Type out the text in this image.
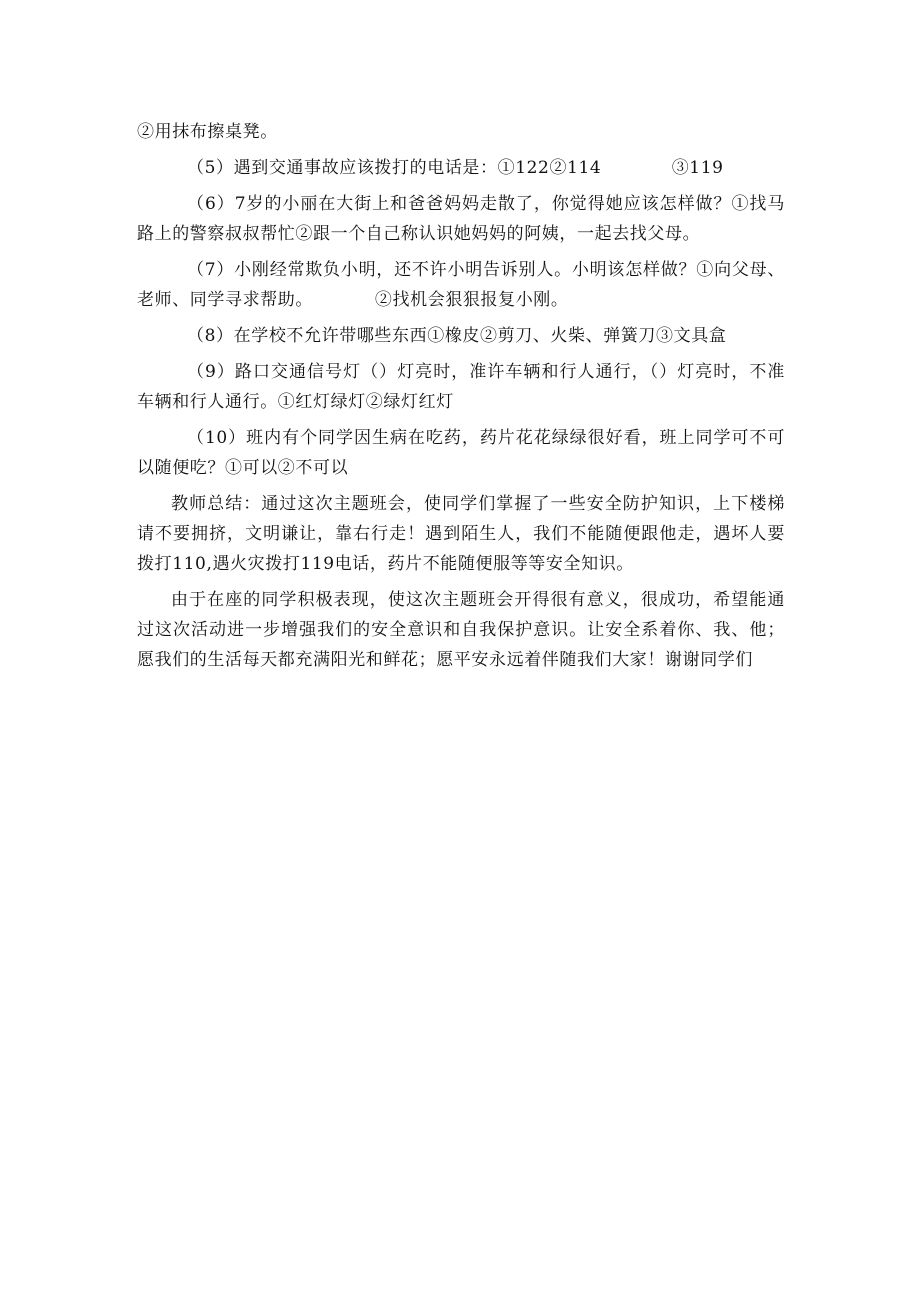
②用抹布擦桌凳。

（5）遇到交通事故应该拨打的电话是：①122②114　　　　③119

（6）7岁的小丽在大街上和爸爸妈妈走散了，你觉得她应该怎样做？①找马路上的警察叔叔帮忙②跟一个自己称认识她妈妈的阿姨，一起去找父母。

（7）小刚经常欺负小明，还不许小明告诉别人。小明该怎样做？①向父母、老师、同学寻求帮助。　　　　②找机会狠狠报复小刚。

（8）在学校不允许带哪些东西①橡皮②剪刀、火柴、弹簧刀③文具盒

（9）路口交通信号灯（）灯亮时，准许车辆和行人通行，（）灯亮时，不准车辆和行人通行。①红灯绿灯②绿灯红灯

（10）班内有个同学因生病在吃药，药片花花绿绿很好看，班上同学可不可以随便吃？①可以②不可以

教师总结：通过这次主题班会，使同学们掌握了一些安全防护知识，上下楼梯请不要拥挤，文明谦让，靠右行走！遇到陌生人，我们不能随便跟他走，遇坏人要拨打110,遇火灾拨打119电话，药片不能随便服等等安全知识。

由于在座的同学积极表现，使这次主题班会开得很有意义，很成功，希望能通过这次活动进一步增强我们的安全意识和自我保护意识。让安全系着你、我、他；愿我们的生活每天都充满阳光和鲜花；愿平安永远着伴随我们大家！谢谢同学们
